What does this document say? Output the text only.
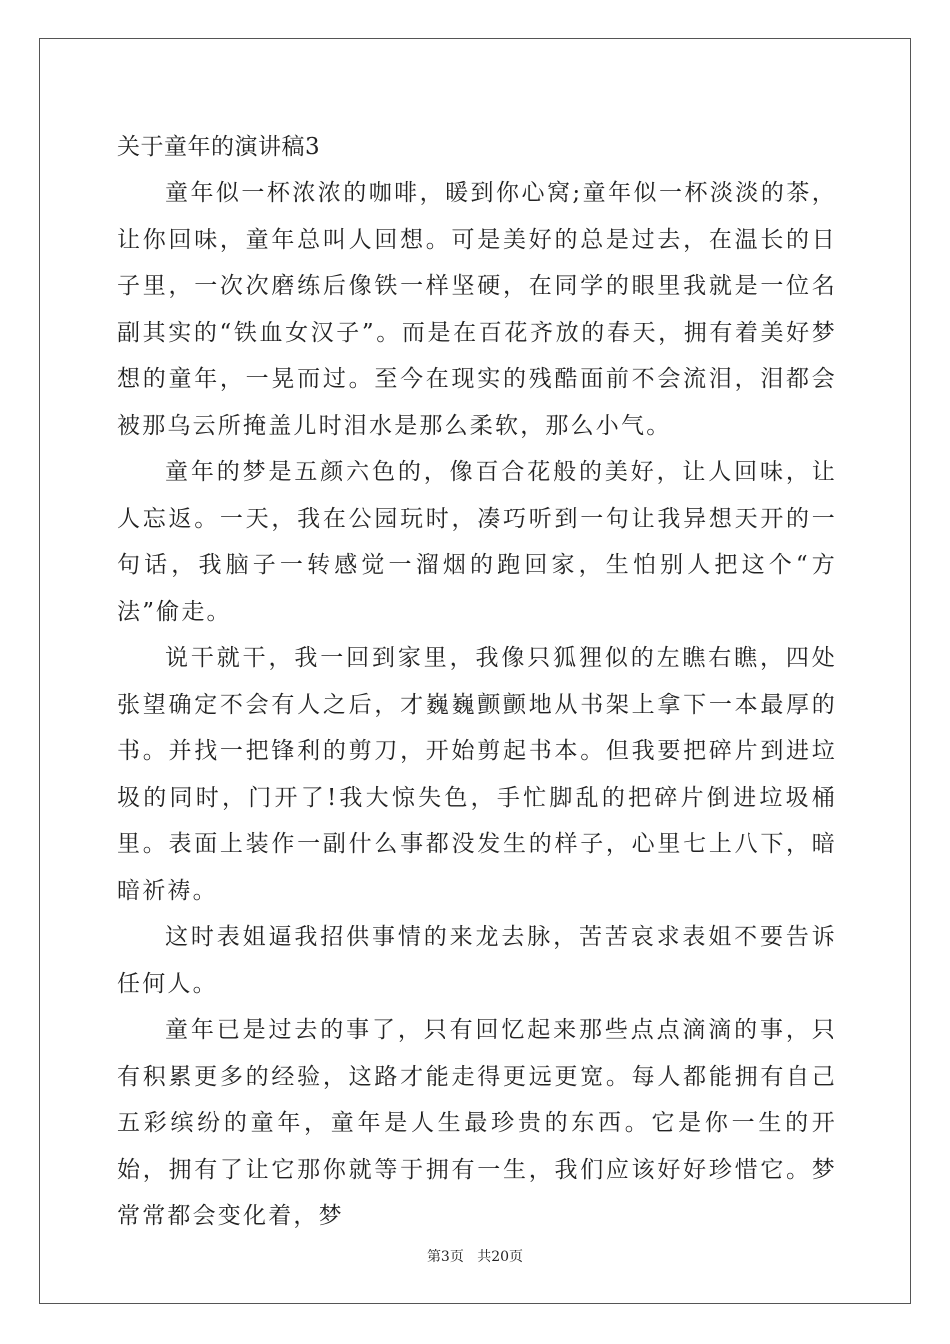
关于童年的演讲稿3

童年似一杯浓浓的咖啡，暖到你心窝;童年似一杯淡淡的茶，让你回味，童年总叫人回想。可是美好的总是过去，在温长的日子里，一次次磨练后像铁一样坚硬，在同学的眼里我就是一位名副其实的“铁血女汉子”。而是在百花齐放的春天，拥有着美好梦想的童年，一晃而过。至今在现实的残酷面前不会流泪，泪都会被那乌云所掩盖儿时泪水是那么柔软，那么小气。

童年的梦是五颜六色的，像百合花般的美好，让人回味，让人忘返。一天，我在公园玩时，凑巧听到一句让我异想天开的一句话，我脑子一转感觉一溜烟的跑回家，生怕别人把这个“方法”偷走。

说干就干，我一回到家里，我像只狐狸似的左瞧右瞧，四处张望确定不会有人之后，才巍巍颤颤地从书架上拿下一本最厚的书。并找一把锋利的剪刀，开始剪起书本。但我要把碎片到进垃圾的同时，门开了!我大惊失色，手忙脚乱的把碎片倒进垃圾桶里。表面上装作一副什么事都没发生的样子，心里七上八下，暗暗祈祷。

这时表姐逼我招供事情的来龙去脉，苦苦哀求表姐不要告诉任何人。

童年已是过去的事了，只有回忆起来那些点点滴滴的事，只有积累更多的经验，这路才能走得更远更宽。每人都能拥有自己五彩缤纷的童年，童年是人生最珍贵的东西。它是你一生的开始，拥有了让它那你就等于拥有一生，我们应该好好珍惜它。梦常常都会变化着，梦

第3页 共20页
